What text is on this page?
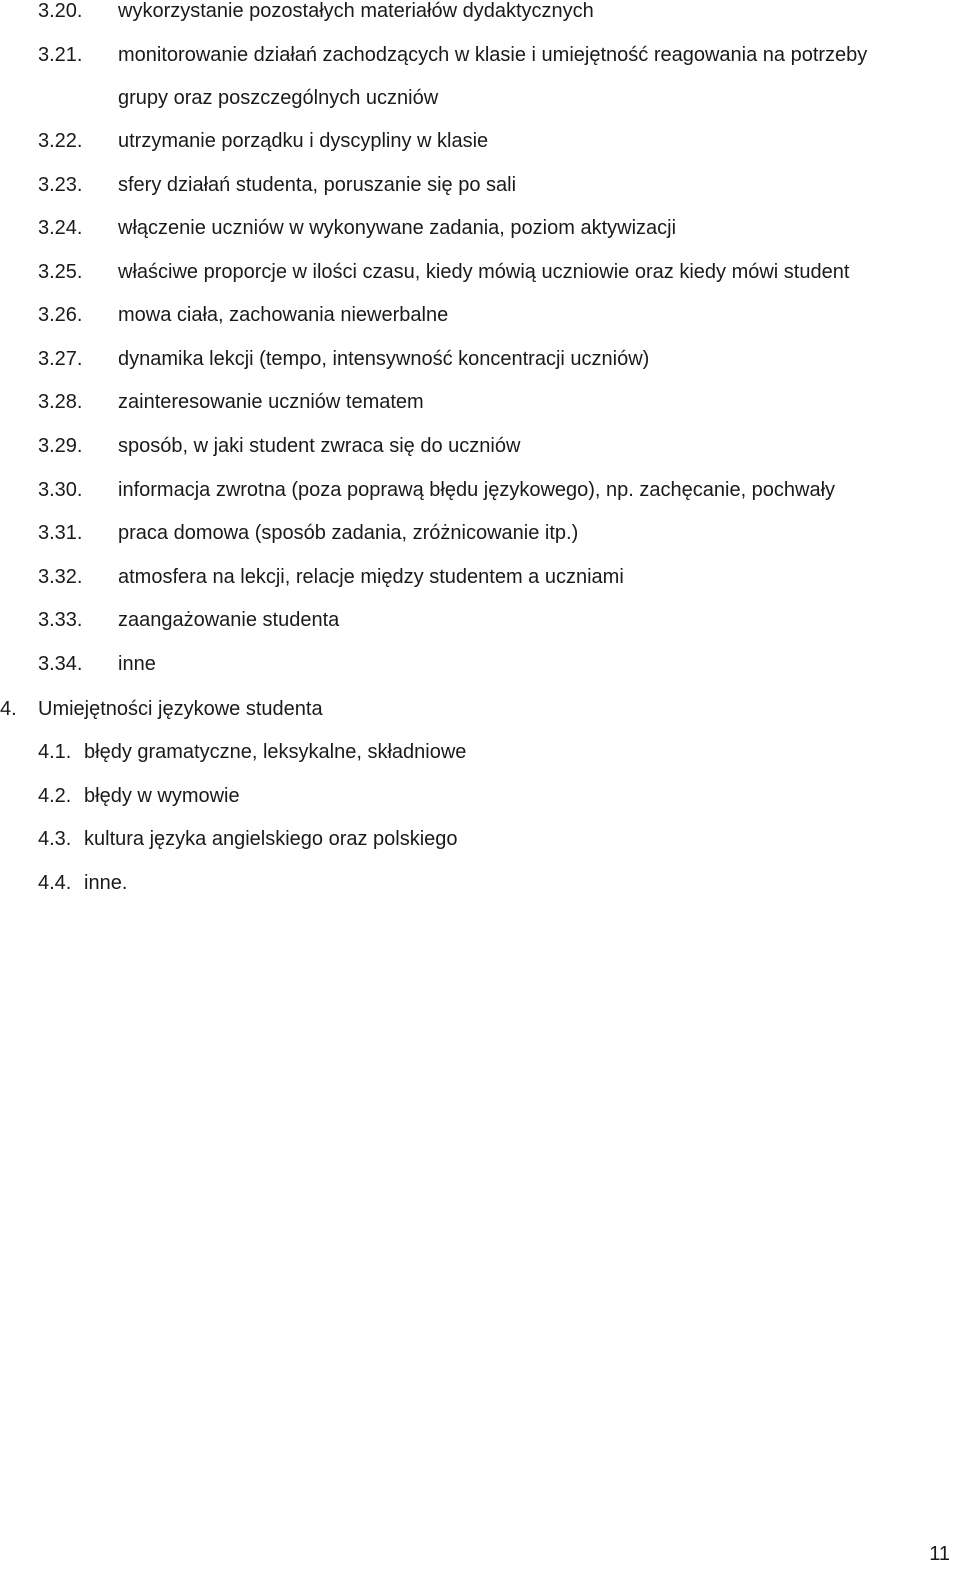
3.20. wykorzystanie pozostałych materiałów dydaktycznych
3.21. monitorowanie działań zachodzących w klasie i umiejętność reagowania na potrzeby
grupy oraz poszczególnych uczniów
3.22. utrzymanie porządku i dyscypliny w klasie
3.23. sfery działań studenta, poruszanie się po sali
3.24. włączenie uczniów w wykonywane zadania, poziom aktywizacji
3.25. właściwe proporcje w ilości czasu, kiedy mówią uczniowie oraz kiedy mówi student
3.26. mowa ciała, zachowania niewerbalne
3.27. dynamika lekcji (tempo, intensywność koncentracji uczniów)
3.28. zainteresowanie uczniów tematem
3.29. sposób, w jaki student zwraca się do uczniów
3.30. informacja zwrotna (poza poprawą błędu językowego), np. zachęcanie, pochwały
3.31. praca domowa (sposób zadania, zróżnicowanie itp.)
3.32. atmosfera na lekcji, relacje między studentem a uczniami
3.33. zaangażowanie studenta
3.34. inne
4. Umiejętności językowe studenta
4.1. błędy gramatyczne, leksykalne, składniowe
4.2. błędy w wymowie
4.3. kultura języka angielskiego oraz polskiego
4.4. inne.
11
